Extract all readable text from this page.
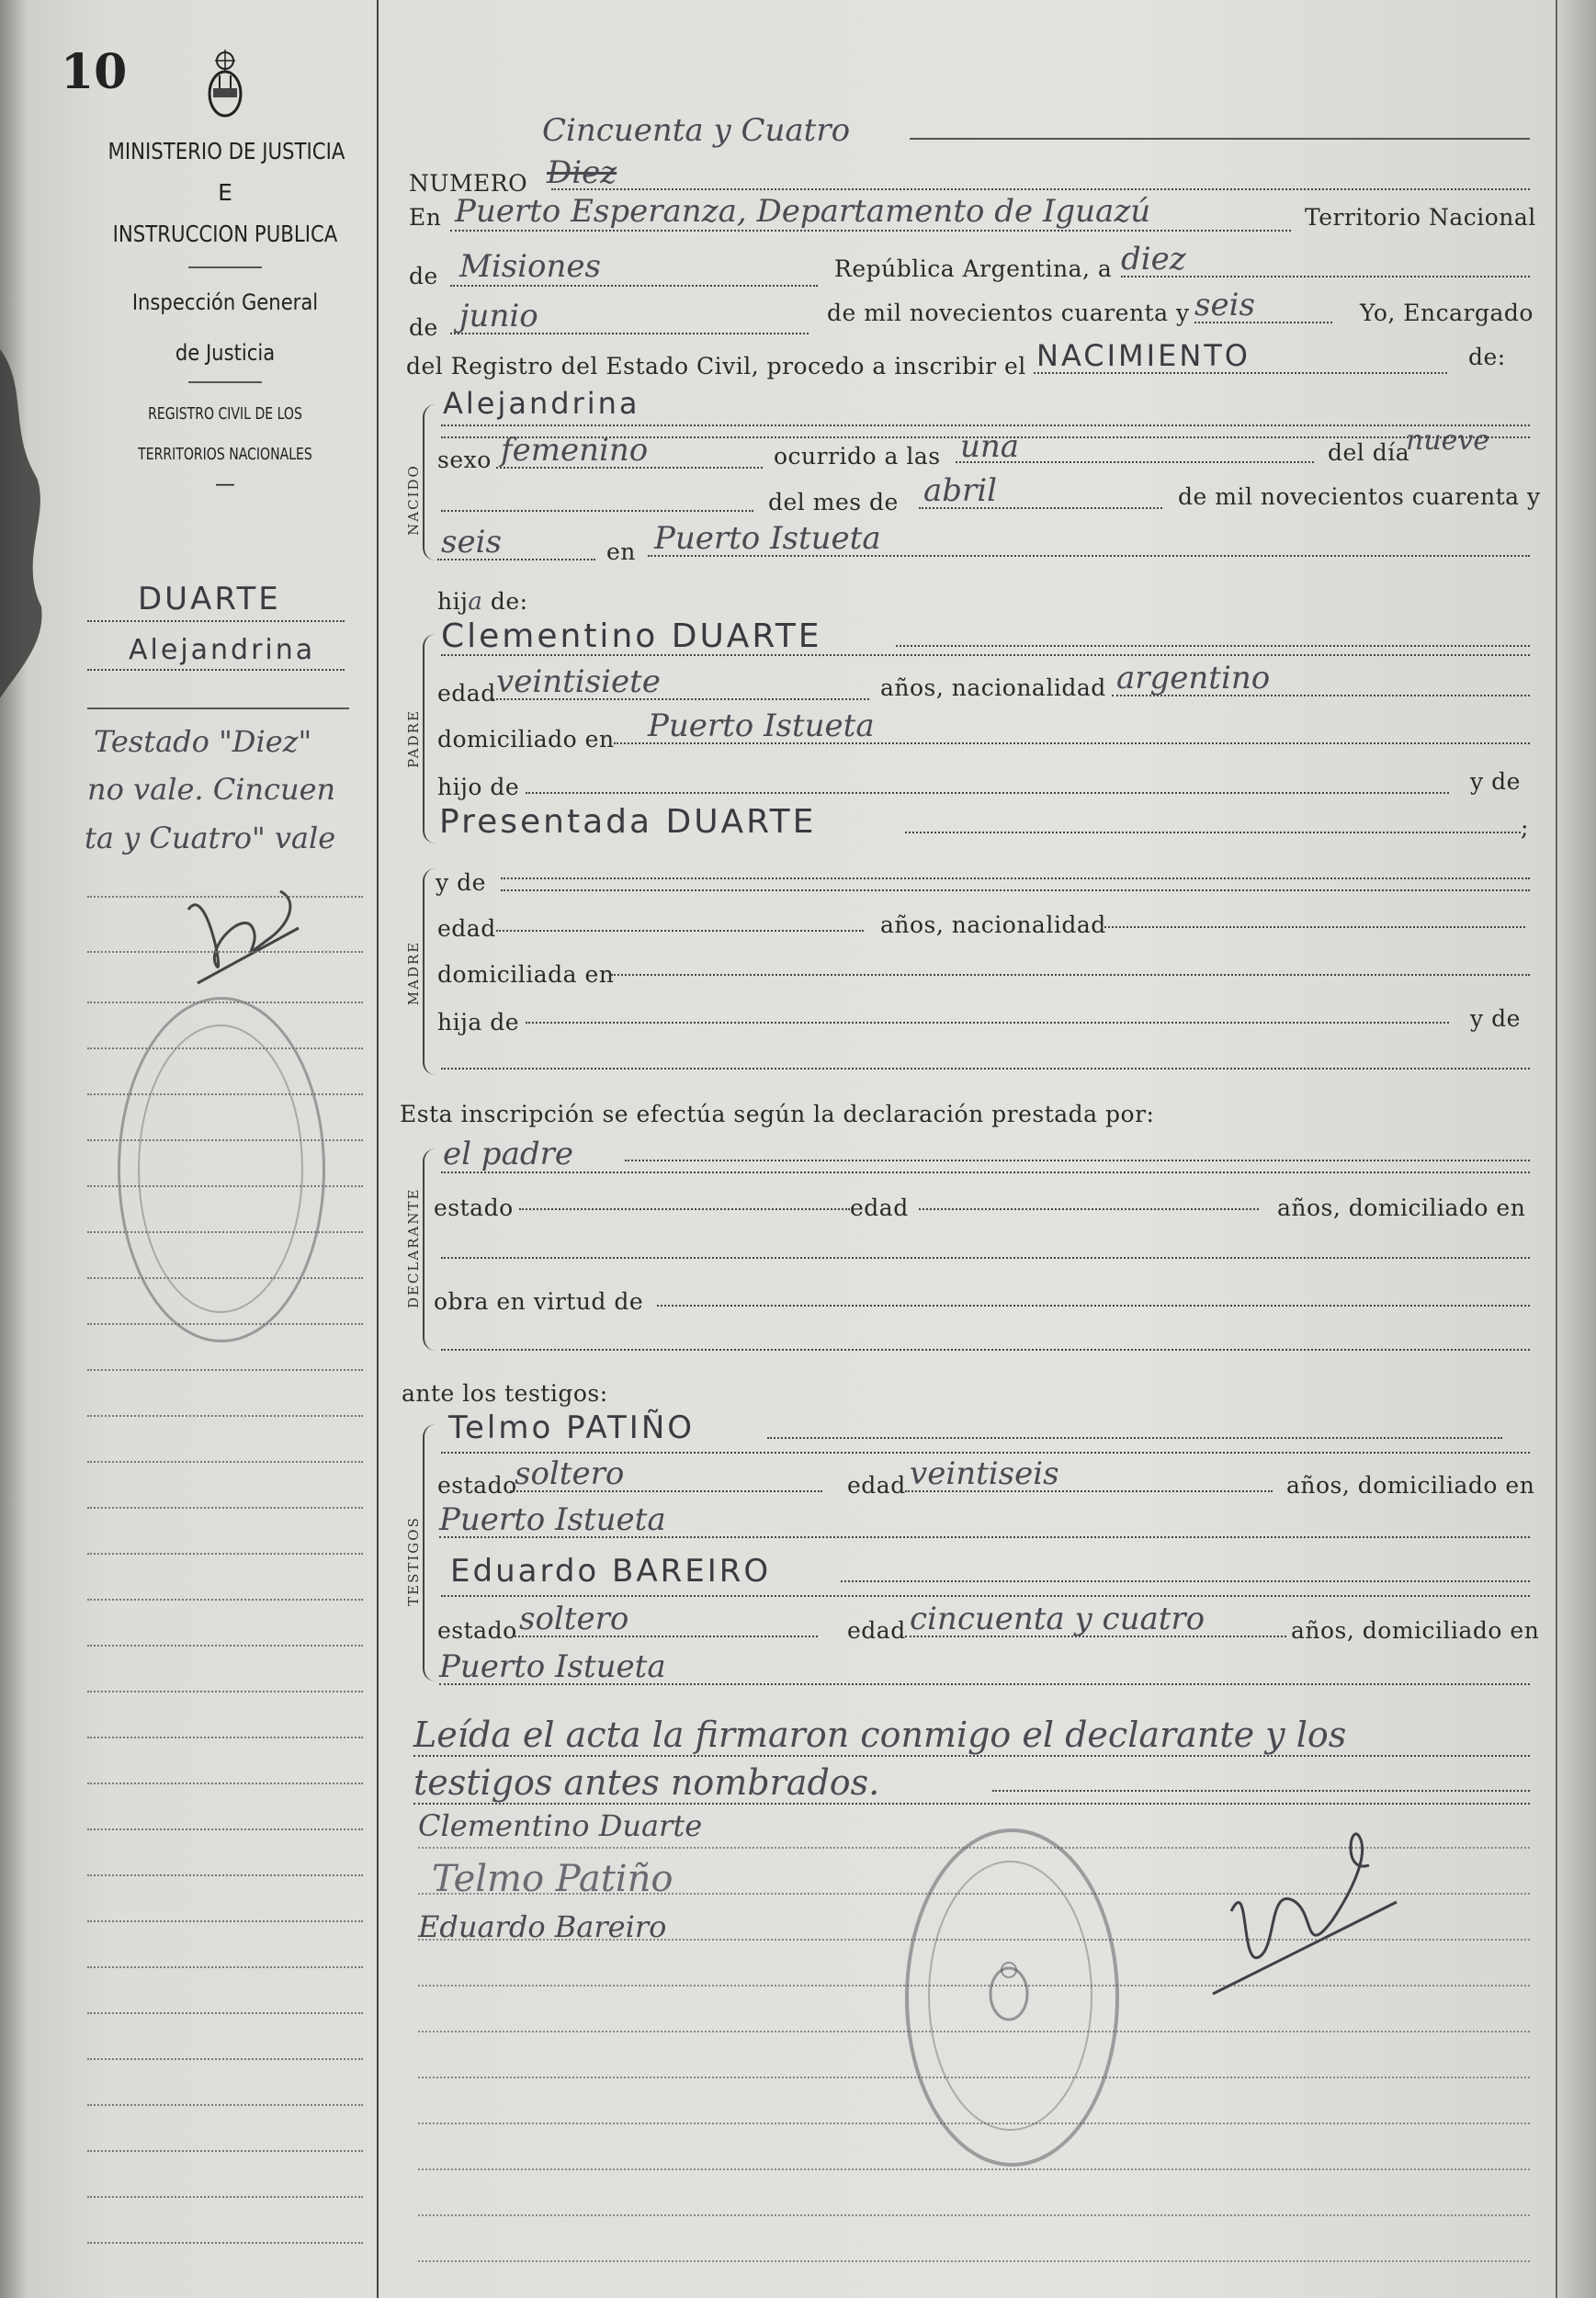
10
MINISTERIO DE JUSTICIA
E
INSTRUCCION PUBLICA
Inspección General
de Justicia
REGISTRO CIVIL DE LOS
TERRITORIOS NACIONALES
—
DUARTE
Alejandrina
Testado "Diez"
no vale. Cincuen
ta y Cuatro" vale
Cincuenta y Cuatro
NUMERO Diez
En Puerto Esperanza, Departamento de Iguazú	Territorio Nacional
de Misiones	República Argentina, a diez
de junio	de mil novecientos cuarenta y seis	Yo, Encargado
del Registro del Estado Civil, procedo a inscribir el NACIMIENTO	de:
NACIDO
Alejandrina
sexo femenino	ocurrido a las una	del día
nueve
del mes de abril	de mil novecientos cuarenta y
seis	en Puerto Istueta
hija de:
PADRE
Clementino DUARTE
edad veintisiete	años, nacionalidad argentino
domiciliado en Puerto Istueta
hijo de	y de
Presentada DUARTE	;
MADRE
y de
edad	años, nacionalidad
domiciliada en
hija de	y de
Esta inscripción se efectúa según la declaración prestada por:
DECLARANTE
el padre
estado	edad	años, domiciliado en
obra en virtud de
ante los testigos:
TESTIGOS
Telmo PATIÑO
estado
soltero	edad veintiseis	años, domiciliado en
Puerto Istueta
Eduardo BAREIRO
estado soltero	edad cincuenta y cuatro	años, domiciliado en
Puerto Istueta
Leída el acta la firmaron conmigo el declarante y los
testigos antes nombrados.
Clementino Duarte
Telmo Patiño
Eduardo Bareiro
